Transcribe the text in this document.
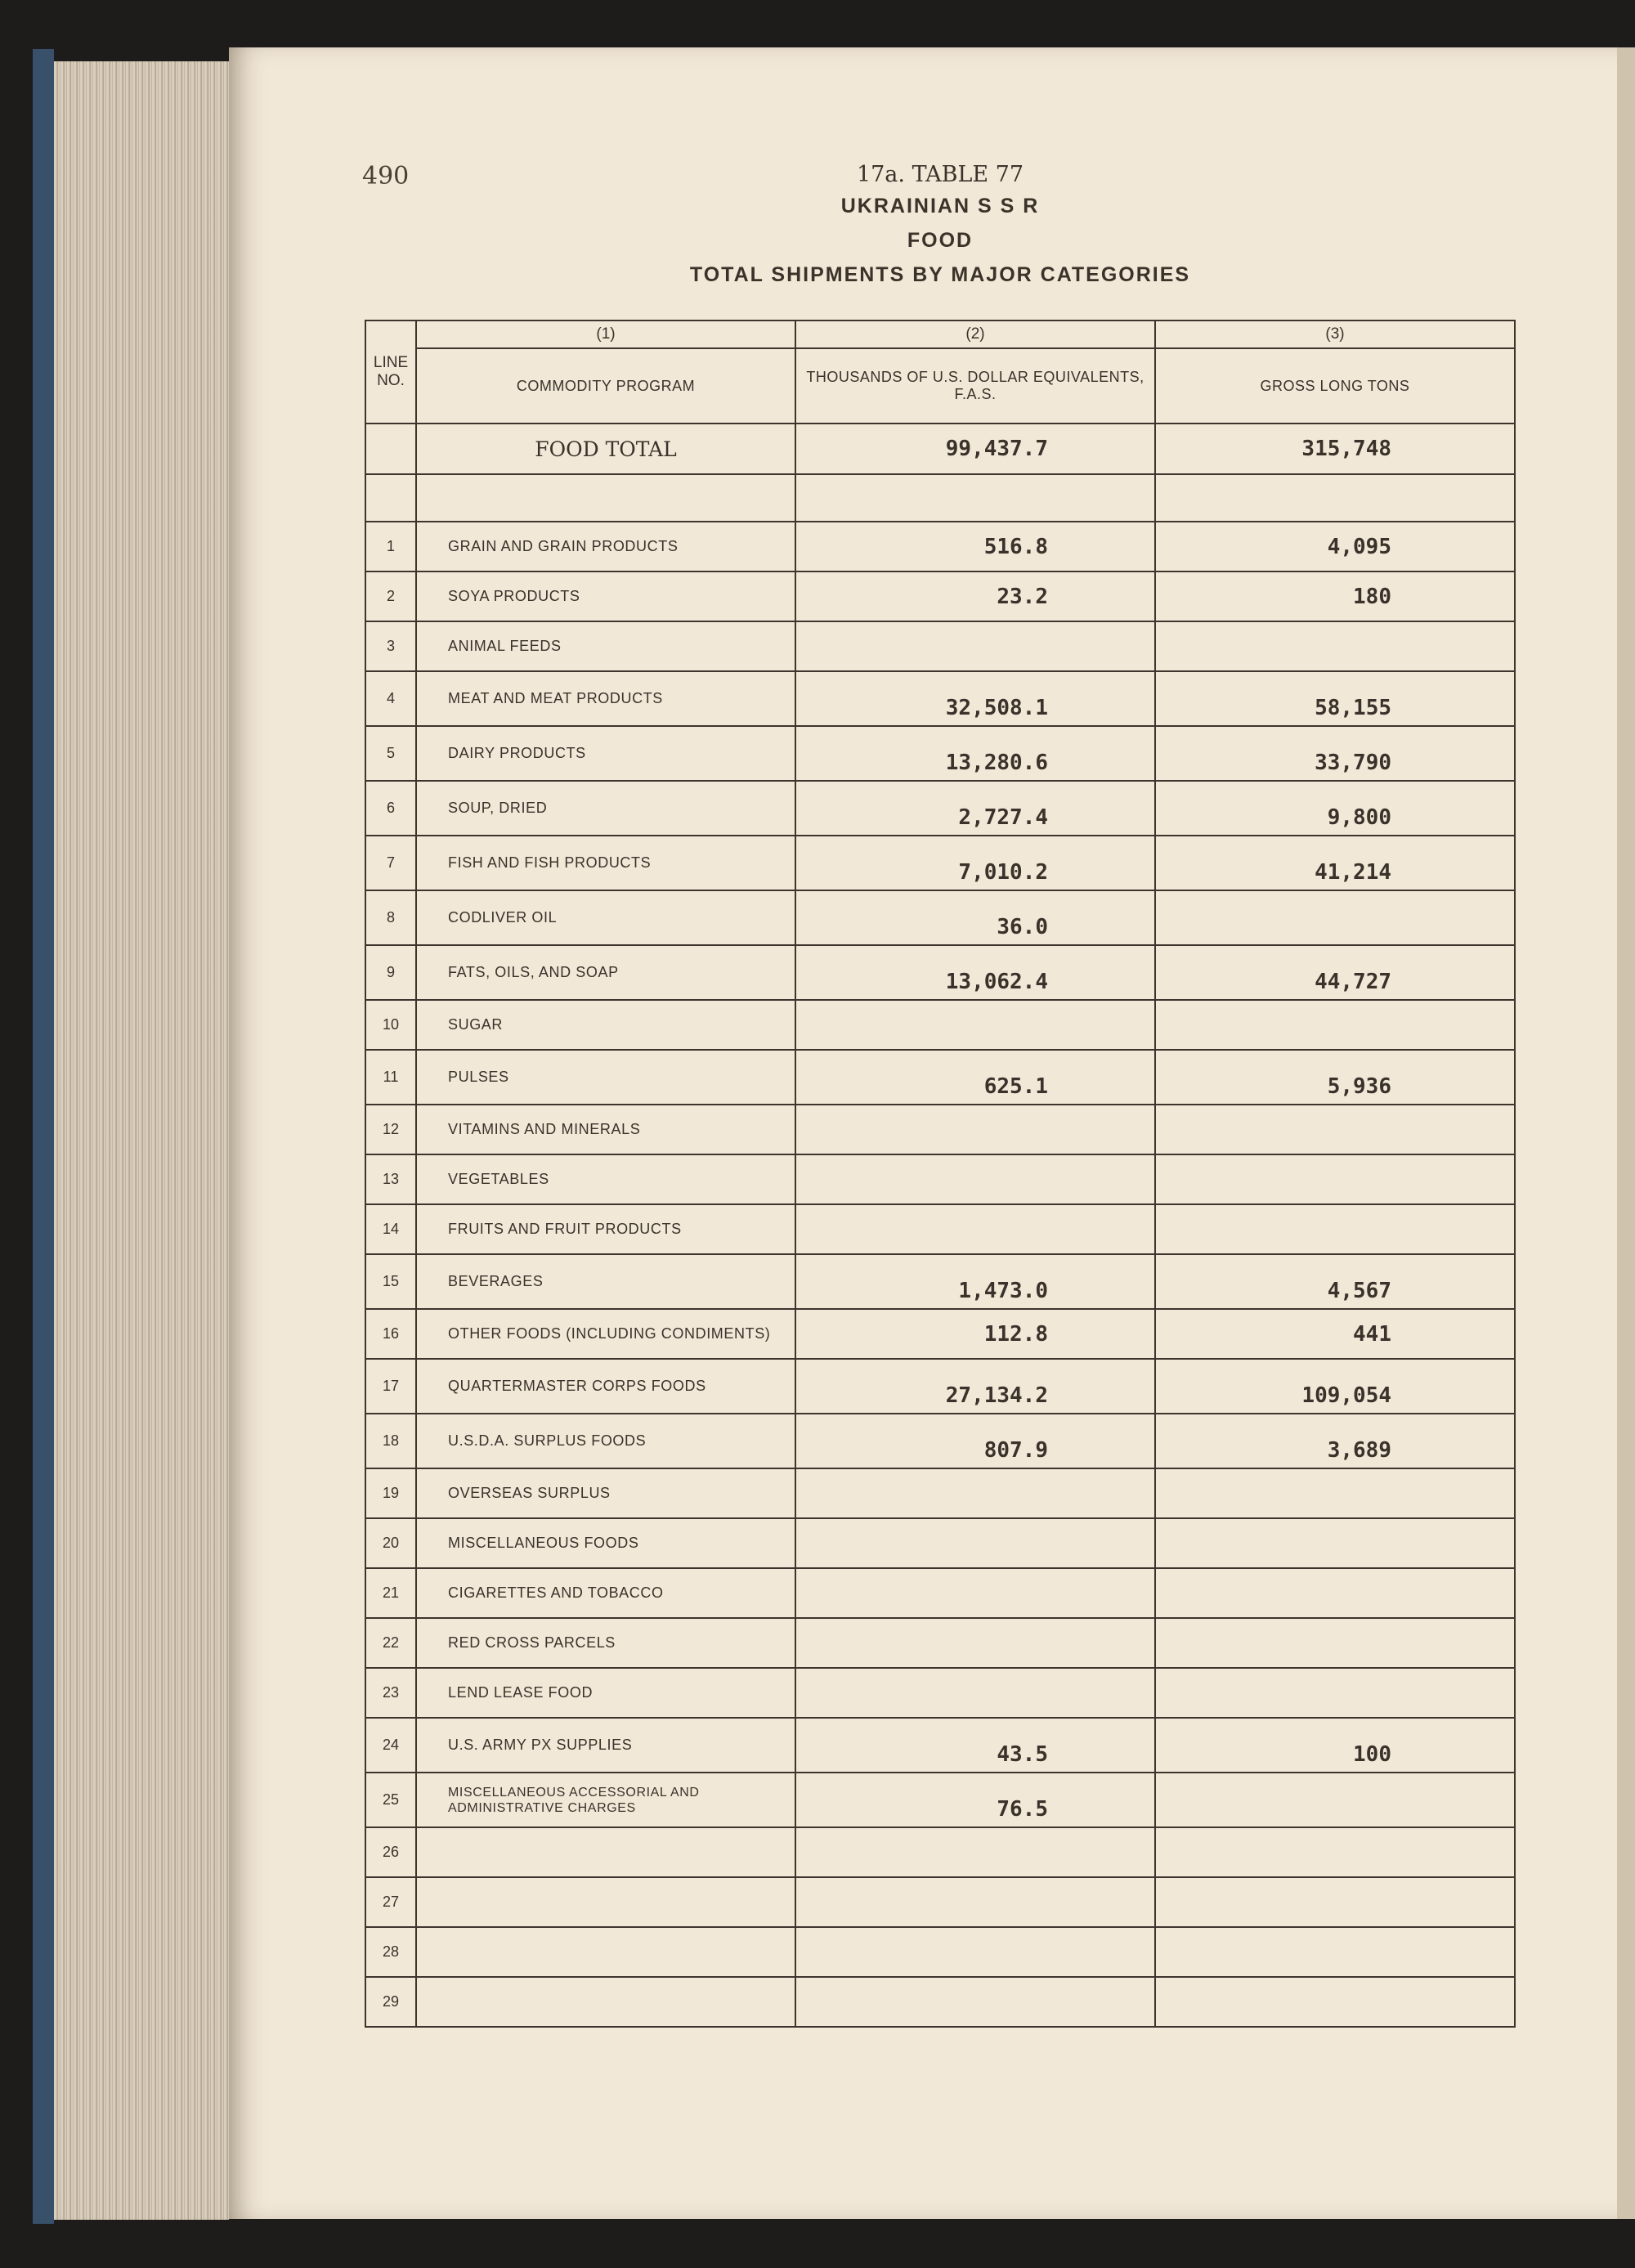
490	17a. TABLE 77
UKRAINIAN S S R
FOOD
TOTAL SHIPMENTS BY MAJOR CATEGORIES
LINE NO.	(1)	(2)	(3)
	COMMODITY PROGRAM	THOUSANDS OF U.S. DOLLAR EQUIVALENTS, F.A.S.	GROSS LONG TONS
	FOOD TOTAL	99,437.7	315,748

1	GRAIN AND GRAIN PRODUCTS	516.8	4,095
2	SOYA PRODUCTS	23.2	180
3	ANIMAL FEEDS		
4	MEAT AND MEAT PRODUCTS	32,508.1	58,155
5	DAIRY PRODUCTS	13,280.6	33,790
6	SOUP, DRIED	2,727.4	9,800
7	FISH AND FISH PRODUCTS	7,010.2	41,214
8	CODLIVER OIL	36.0	
9	FATS, OILS, AND SOAP	13,062.4	44,727
10	SUGAR		
11	PULSES	625.1	5,936
12	VITAMINS AND MINERALS		
13	VEGETABLES		
14	FRUITS AND FRUIT PRODUCTS		
15	BEVERAGES	1,473.0	4,567
16	OTHER FOODS (INCLUDING CONDIMENTS)	112.8	441
17	QUARTERMASTER CORPS FOODS	27,134.2	109,054
18	U.S.D.A. SURPLUS FOODS	807.9	3,689
19	OVERSEAS SURPLUS		
20	MISCELLANEOUS FOODS		
21	CIGARETTES AND TOBACCO		
22	RED CROSS PARCELS		
23	LEND LEASE FOOD		
24	U.S. ARMY PX SUPPLIES	43.5	100
25	MISCELLANEOUS ACCESSORIAL AND ADMINISTRATIVE CHARGES	76.5	
26			
27			
28			
29			
